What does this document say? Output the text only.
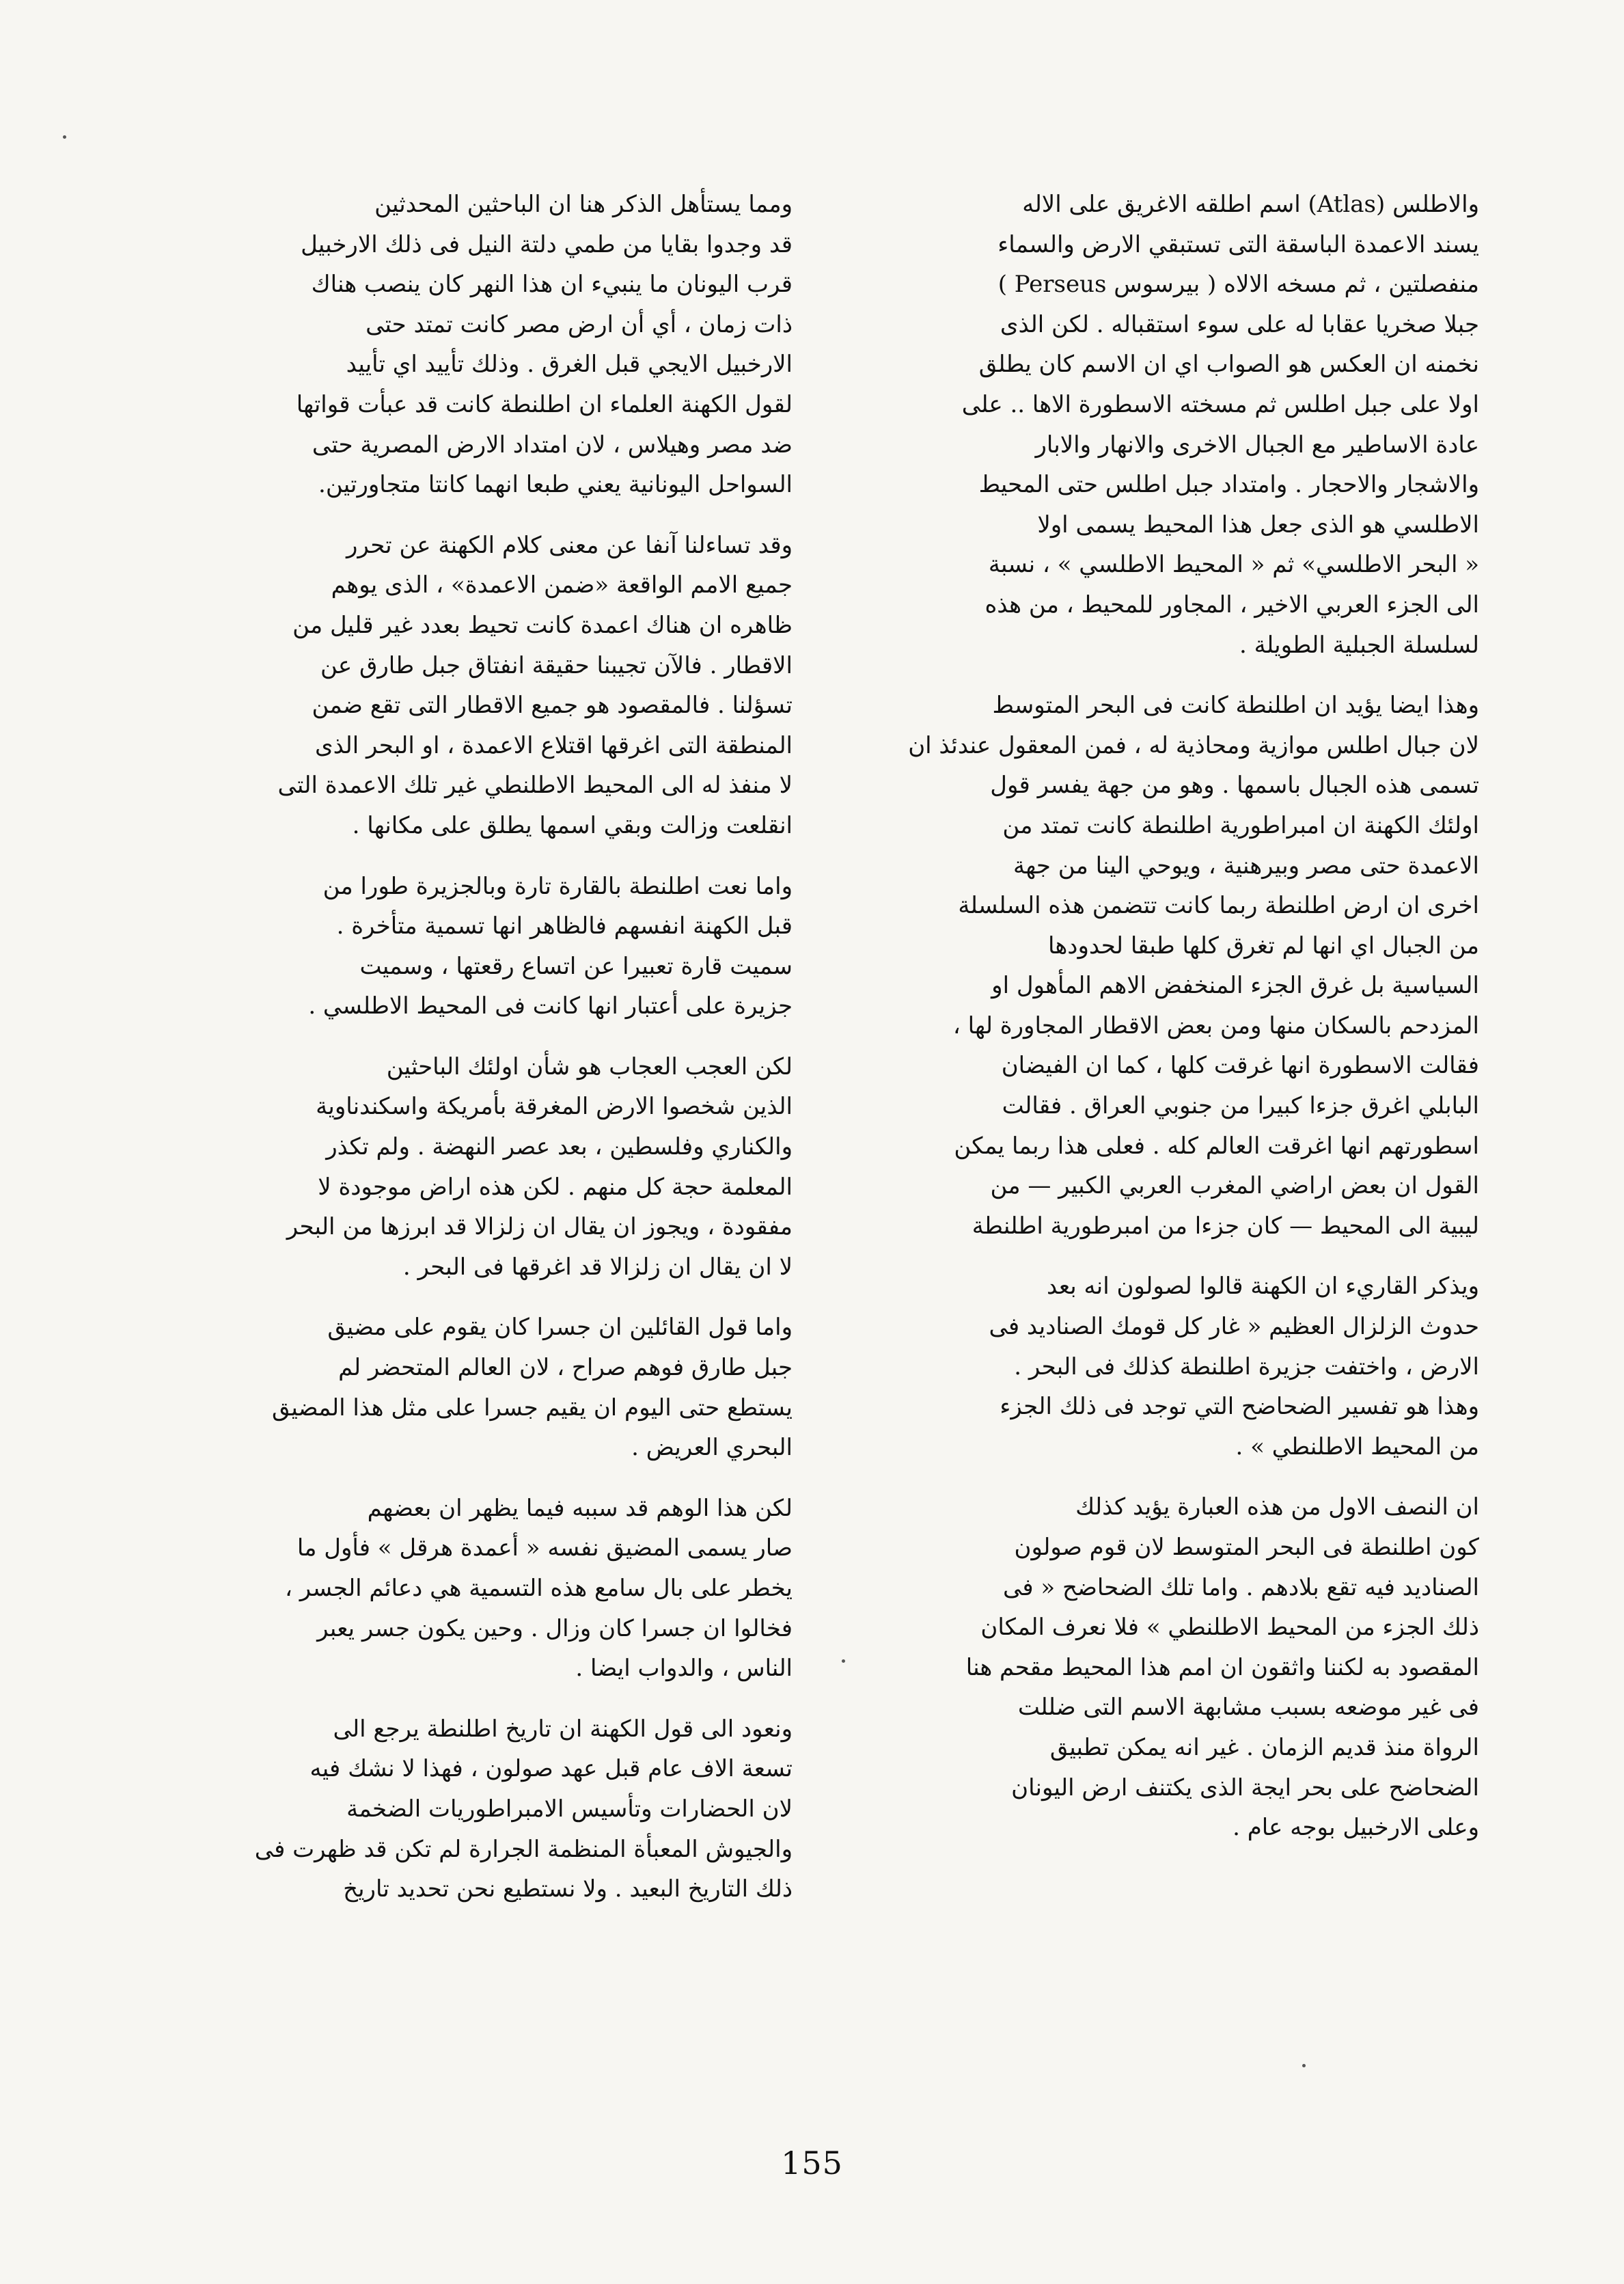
والاطلس (Atlas) اسم اطلقه الاغريق على الاله
يسند الاعمدة الباسقة التى تستبقي الارض والسماء
منفصلتين ، ثم مسخه الالاه ( بيرسوس Perseus )
جبلا صخريا عقابا له على سوء استقباله . لكن الذى
نخمنه ان العكس هو الصواب اي ان الاسم كان يطلق
اولا على جبل اطلس ثم مسخته الاسطورة الاها .. على
عادة الاساطير مع الجبال الاخرى والانهار والابار
والاشجار والاحجار . وامتداد جبل اطلس حتى المحيط
الاطلسي هو الذى جعل هذا المحيط يسمى اولا
« البحر الاطلسي» ثم « المحيط الاطلسي » ، نسبة
الى الجزء العربي الاخير ، المجاور للمحيط ، من هذه
لسلسلة الجبلية الطويلة .
وهذا ايضا يؤيد ان اطلنطة كانت فى البحر المتوسط
لان جبال اطلس موازية ومحاذية له ، فمن المعقول عندئذ ان
تسمى هذه الجبال باسمها . وهو من جهة يفسر قول
اولئك الكهنة ان امبراطورية اطلنطة كانت تمتد من
الاعمدة حتى مصر وبيرهنية ، ويوحي الينا من جهة
اخرى ان ارض اطلنطة ربما كانت تتضمن هذه السلسلة
من الجبال اي انها لم تغرق كلها طبقا لحدودها
السياسية بل غرق الجزء المنخفض الاهم المأهول او
المزدحم بالسكان منها ومن بعض الاقطار المجاورة لها ،
فقالت الاسطورة انها غرقت كلها ، كما ان الفيضان
البابلي اغرق جزءا كبيرا من جنوبي العراق . فقالت
اسطورتهم انها اغرقت العالم كله . فعلى هذا ربما يمكن
القول ان بعض اراضي المغرب العربي الكبير — من
ليبية الى المحيط — كان جزءا من امبرطورية اطلنطة
ويذكر القاريء ان الكهنة قالوا لصولون انه بعد
حدوث الزلزال العظيم « غار كل قومك الصناديد فى
الارض ، واختفت جزيرة اطلنطة كذلك فى البحر .
وهذا هو تفسير الضحاضح التي توجد فى ذلك الجزء
من المحيط الاطلنطي » .
ان النصف الاول من هذه العبارة يؤيد كذلك
كون اطلنطة فى البحر المتوسط لان قوم صولون
الصناديد فيه تقع بلادهم . واما تلك الضحاضح « فى
ذلك الجزء من المحيط الاطلنطي » فلا نعرف المكان
المقصود به لكننا واثقون ان امم هذا المحيط مقحم هنا
فى غير موضعه بسبب مشابهة الاسم التى ضللت
الرواة منذ قديم الزمان . غير انه يمكن تطبيق
الضحاضح على بحر ايجة الذى يكتنف ارض اليونان
وعلى الارخبيل بوجه عام .
ومما يستأهل الذكر هنا ان الباحثين المحدثين
قد وجدوا بقايا من طمي دلتة النيل فى ذلك الارخبيل
قرب اليونان ما ينبيء ان هذا النهر كان ينصب هناك
ذات زمان ، أي أن ارض مصر كانت تمتد حتى
الارخبيل الايجي قبل الغرق . وذلك تأييد اي تأييد
لقول الكهنة العلماء ان اطلنطة كانت قد عبأت قواتها
ضد مصر وهيلاس ، لان امتداد الارض المصرية حتى
السواحل اليونانية يعني طبعا انهما كانتا متجاورتين.
وقد تساءلنا آنفا عن معنى كلام الكهنة عن تحرر
جميع الامم الواقعة «ضمن الاعمدة» ، الذى يوهم
ظاهره ان هناك اعمدة كانت تحيط بعدد غير قليل من
الاقطار . فالآن تجيبنا حقيقة انفتاق جبل طارق عن
تسؤلنا . فالمقصود هو جميع الاقطار التى تقع ضمن
المنطقة التى اغرقها اقتلاع الاعمدة ، او البحر الذى
لا منفذ له الى المحيط الاطلنطي غير تلك الاعمدة التى
انقلعت وزالت وبقي اسمها يطلق على مكانها .
واما نعت اطلنطة بالقارة تارة وبالجزيرة طورا من
قبل الكهنة انفسهم فالظاهر انها تسمية متأخرة .
سميت قارة تعبيرا عن اتساع رقعتها ، وسميت
جزيرة على أعتبار انها كانت فى المحيط الاطلسي .
لكن العجب العجاب هو شأن اولئك الباحثين
الذين شخصوا الارض المغرقة بأمريكة واسكندناوية
والكناري وفلسطين ، بعد عصر النهضة . ولم تكذر
المعلمة حجة كل منهم . لكن هذه اراض موجودة لا
مفقودة ، ويجوز ان يقال ان زلزالا قد ابرزها من البحر
لا ان يقال ان زلزالا قد اغرقها فى البحر .
واما قول القائلين ان جسرا كان يقوم على مضيق
جبل طارق فوهم صراح ، لان العالم المتحضر لم
يستطع حتى اليوم ان يقيم جسرا على مثل هذا المضيق
البحري العريض .
لكن هذا الوهم قد سببه فيما يظهر ان بعضهم
صار يسمى المضيق نفسه « أعمدة هرقل » فأول ما
يخطر على بال سامع هذه التسمية هي دعائم الجسر ،
فخالوا ان جسرا كان وزال . وحين يكون جسر يعبر
الناس ، والدواب ايضا .
ونعود الى قول الكهنة ان تاريخ اطلنطة يرجع الى
تسعة الاف عام قبل عهد صولون ، فهذا لا نشك فيه
لان الحضارات وتأسيس الامبراطوريات الضخمة
والجيوش المعبأة المنظمة الجرارة لم تكن قد ظهرت فى
ذلك التاريخ البعيد . ولا نستطيع نحن تحديد تاريخ
155
